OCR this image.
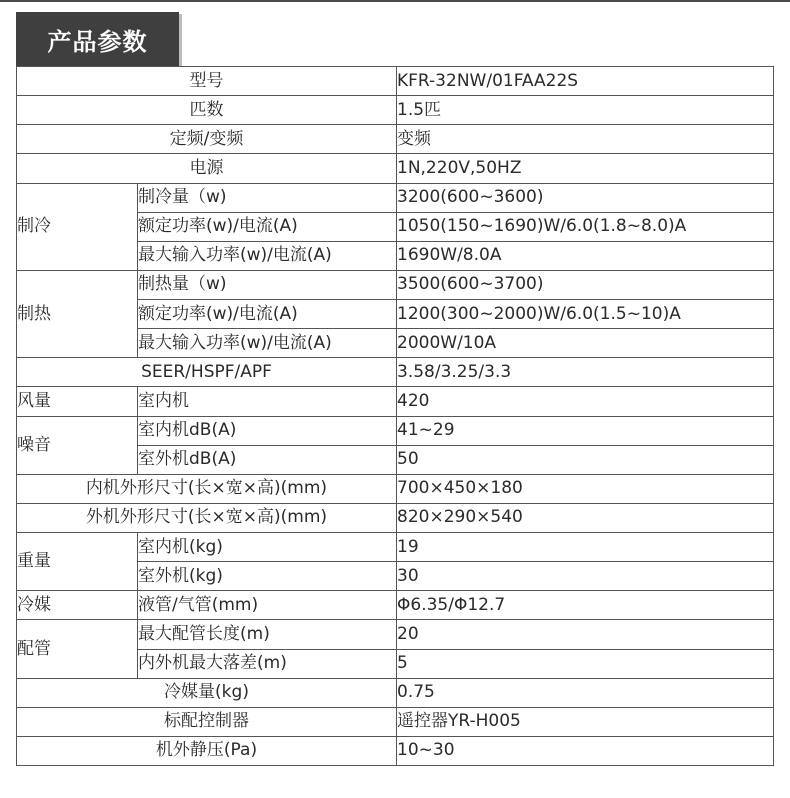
产品参数
型号		KFR-32NW/01FAA22S
匹数		1.5匹
定频/变频		变频
电源		1N,220V,50HZ
制冷	制冷量（w)	3200(600~3600)
	额定功率(w)/电流(A)	1050(150~1690)W/6.0(1.8~8.0)A
	最大输入功率(w)/电流(A)	1690W/8.0A
制热	制热量（w)	3500(600~3700)
	额定功率(w)/电流(A)	1200(300~2000)W/6.0(1.5~10)A
	最大输入功率(w)/电流(A)	2000W/10A
SEER/HSPF/APF		3.58/3.25/3.3
风量	室内机	420
噪音	室内机dB(A)	41~29
	室外机dB(A)	50
内机外形尺寸(长×宽×高)(mm)		700×450×180
外机外形尺寸(长×宽×高)(mm)		820×290×540
重量	室内机(kg)	19
	室外机(kg)	30
冷媒	液管/气管(mm)	Φ6.35/Φ12.7
配管	最大配管长度(m)	20
	内外机最大落差(m)	5
冷媒量(kg)		0.75
标配控制器		遥控器YR-H005
机外静压(Pa)		10~30
